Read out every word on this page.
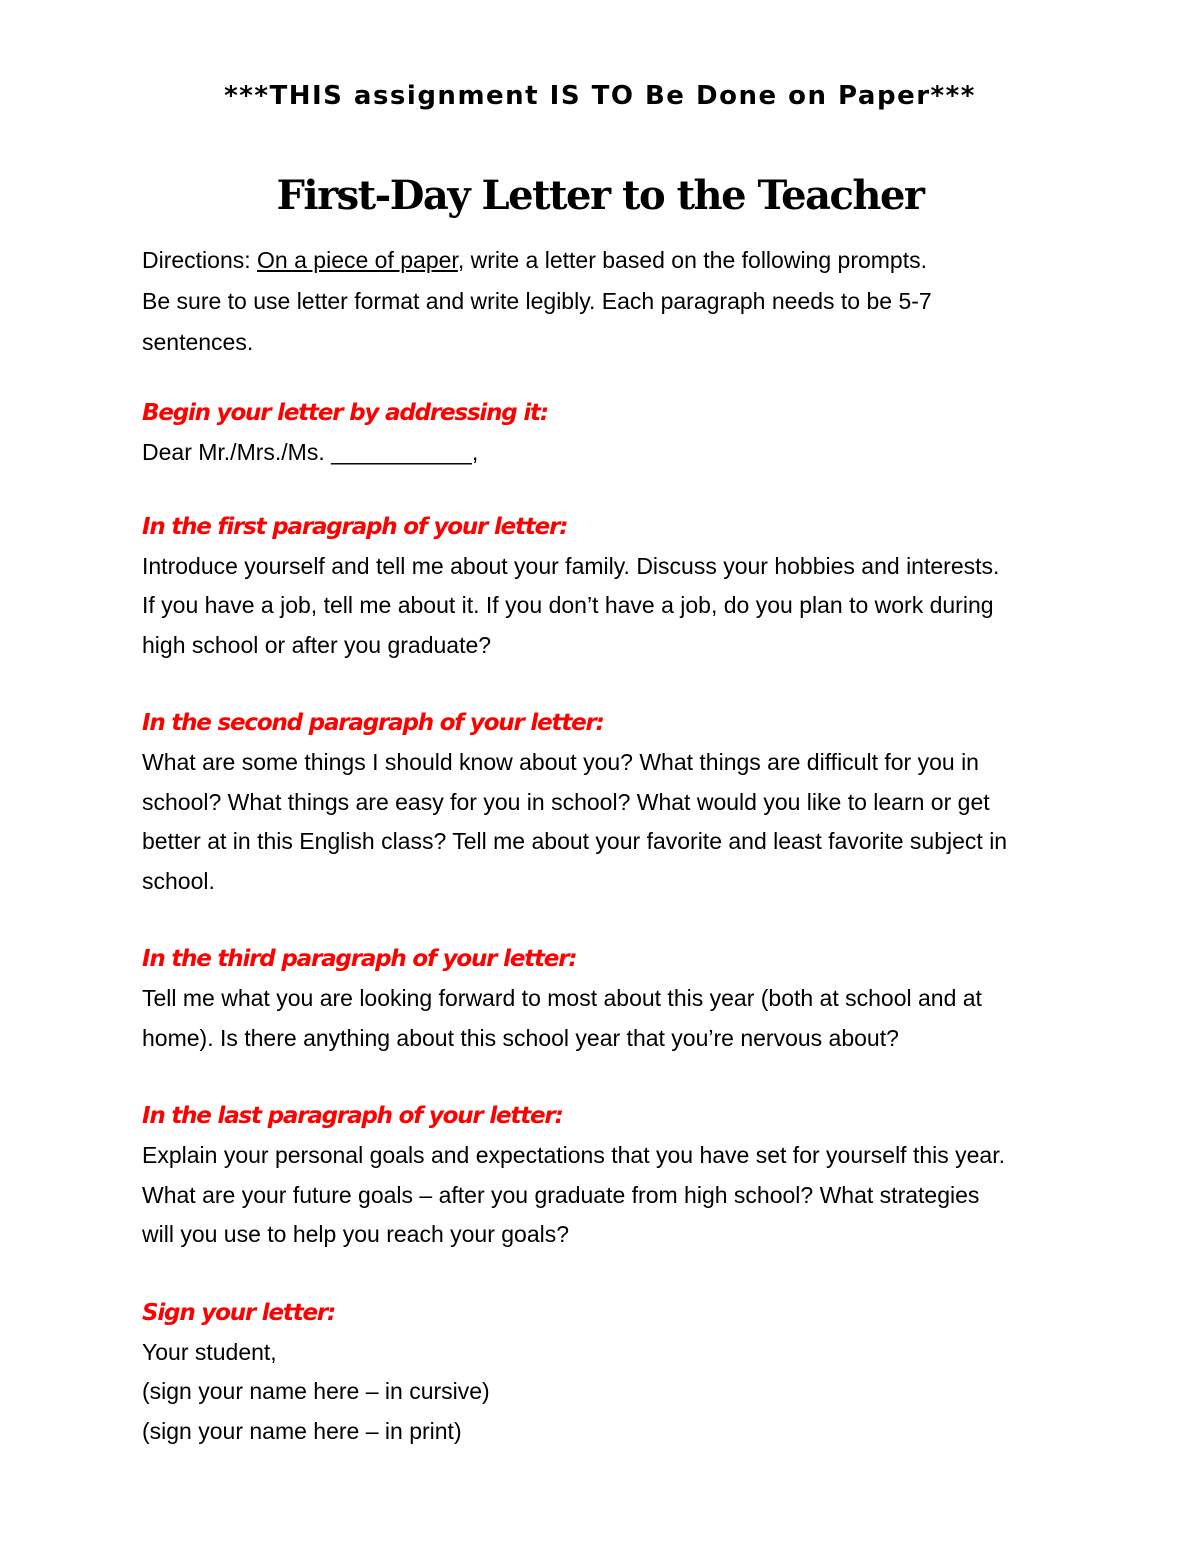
***THIS assignment IS TO Be Done on Paper***
First-Day Letter to the Teacher

Directions: On a piece of paper, write a letter based on the following prompts.
Be sure to use letter format and write legibly. Each paragraph needs to be 5-7
sentences.

Begin your letter by addressing it:

Dear Mr./Mrs./Ms. ___________,

In the first paragraph of your letter:

Introduce yourself and tell me about your family. Discuss your hobbies and interests.
If you have a job, tell me about it. If you don’t have a job, do you plan to work during
high school or after you graduate?

In the second paragraph of your letter:

What are some things I should know about you? What things are difficult for you in
school? What things are easy for you in school? What would you like to learn or get
better at in this English class? Tell me about your favorite and least favorite subject in
school.

In the third paragraph of your letter:

Tell me what you are looking forward to most about this year (both at school and at
home). Is there anything about this school year that you’re nervous about?

In the last paragraph of your letter:

Explain your personal goals and expectations that you have set for yourself this year.
What are your future goals – after you graduate from high school? What strategies
will you use to help you reach your goals?

Sign your letter:

Your student,
(sign your name here – in cursive)
(sign your name here – in print)
